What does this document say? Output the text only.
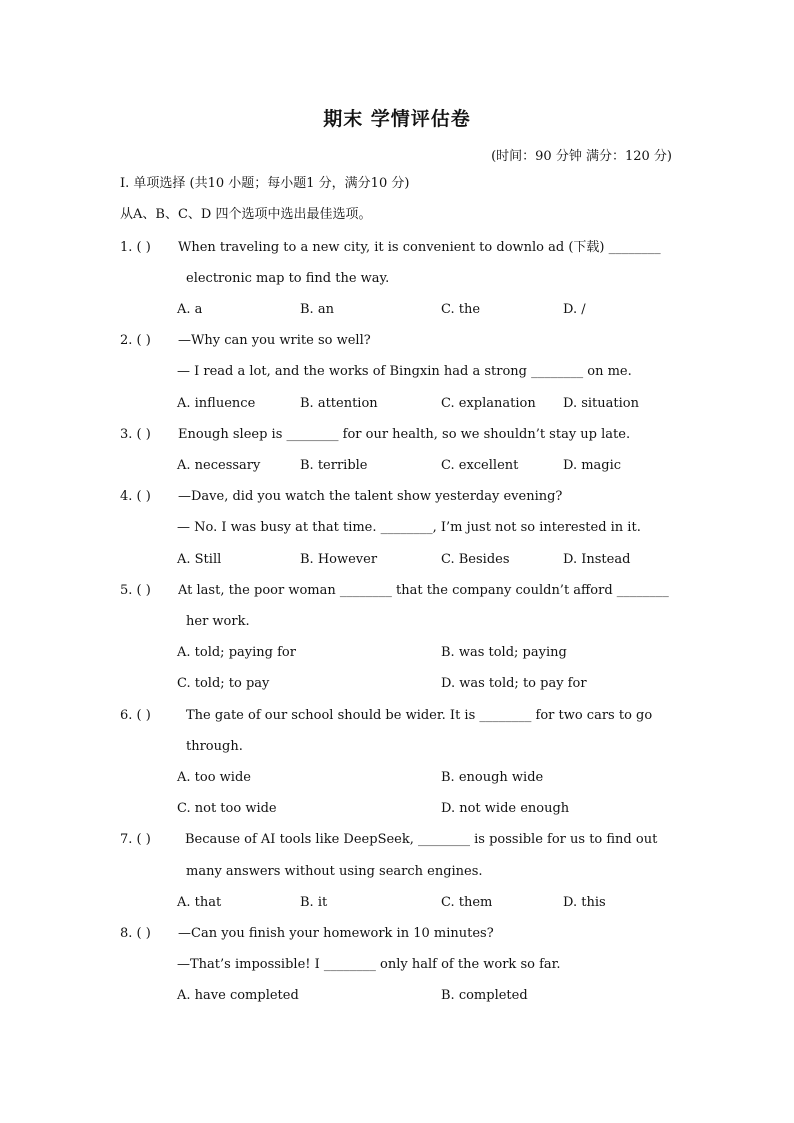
期末 学情评估卷
(时间：90 分钟 满分：120 分)
I. 单项选择 (共10 小题；每小题1 分，满分10 分)
从A、B、C、D 四个选项中选出最佳选项。
1. ( ) When traveling to a new city, it is convenient to downlo ad (下载) ________
electronic map to find the way.
A. a	B. an	C. the	D. /
2. ( ) —Why can you write so well?
— I read a lot, and the works of Bingxin had a strong ________ on me.
A. influence	B. attention	C. explanation D. situation
3. ( ) Enough sleep is ________ for our health, so we shouldn’t stay up late.
A. necessary	B. terrible	C. excellent	D. magic
4. ( ) —Dave, did you watch the talent show yesterday evening?
— No. I was busy at that time. ________, I’m just not so interested in it.
A. Still	B. However	C. Besides	D. Instead
5. ( ) At last, the poor woman ________ that the company couldn’t afford ________
her work.
A. told; paying for	B. was told; paying
C. told; to pay	D. was told; to pay for
6. ( )	The gate of our school should be wider. It is ________ for two cars to go
through.
A. too wide	B. enough wide
C. not too wide	D. not wide enough
7. ( )	Because of AI tools like DeepSeek, ________ is possible for us to find out
many answers without using search engines.
A. that	B. it	C. them	D. this
8. ( ) —Can you finish your homework in 10 minutes?
—That’s impossible! I ________ only half of the work so far.
A. have completed	B. completed
